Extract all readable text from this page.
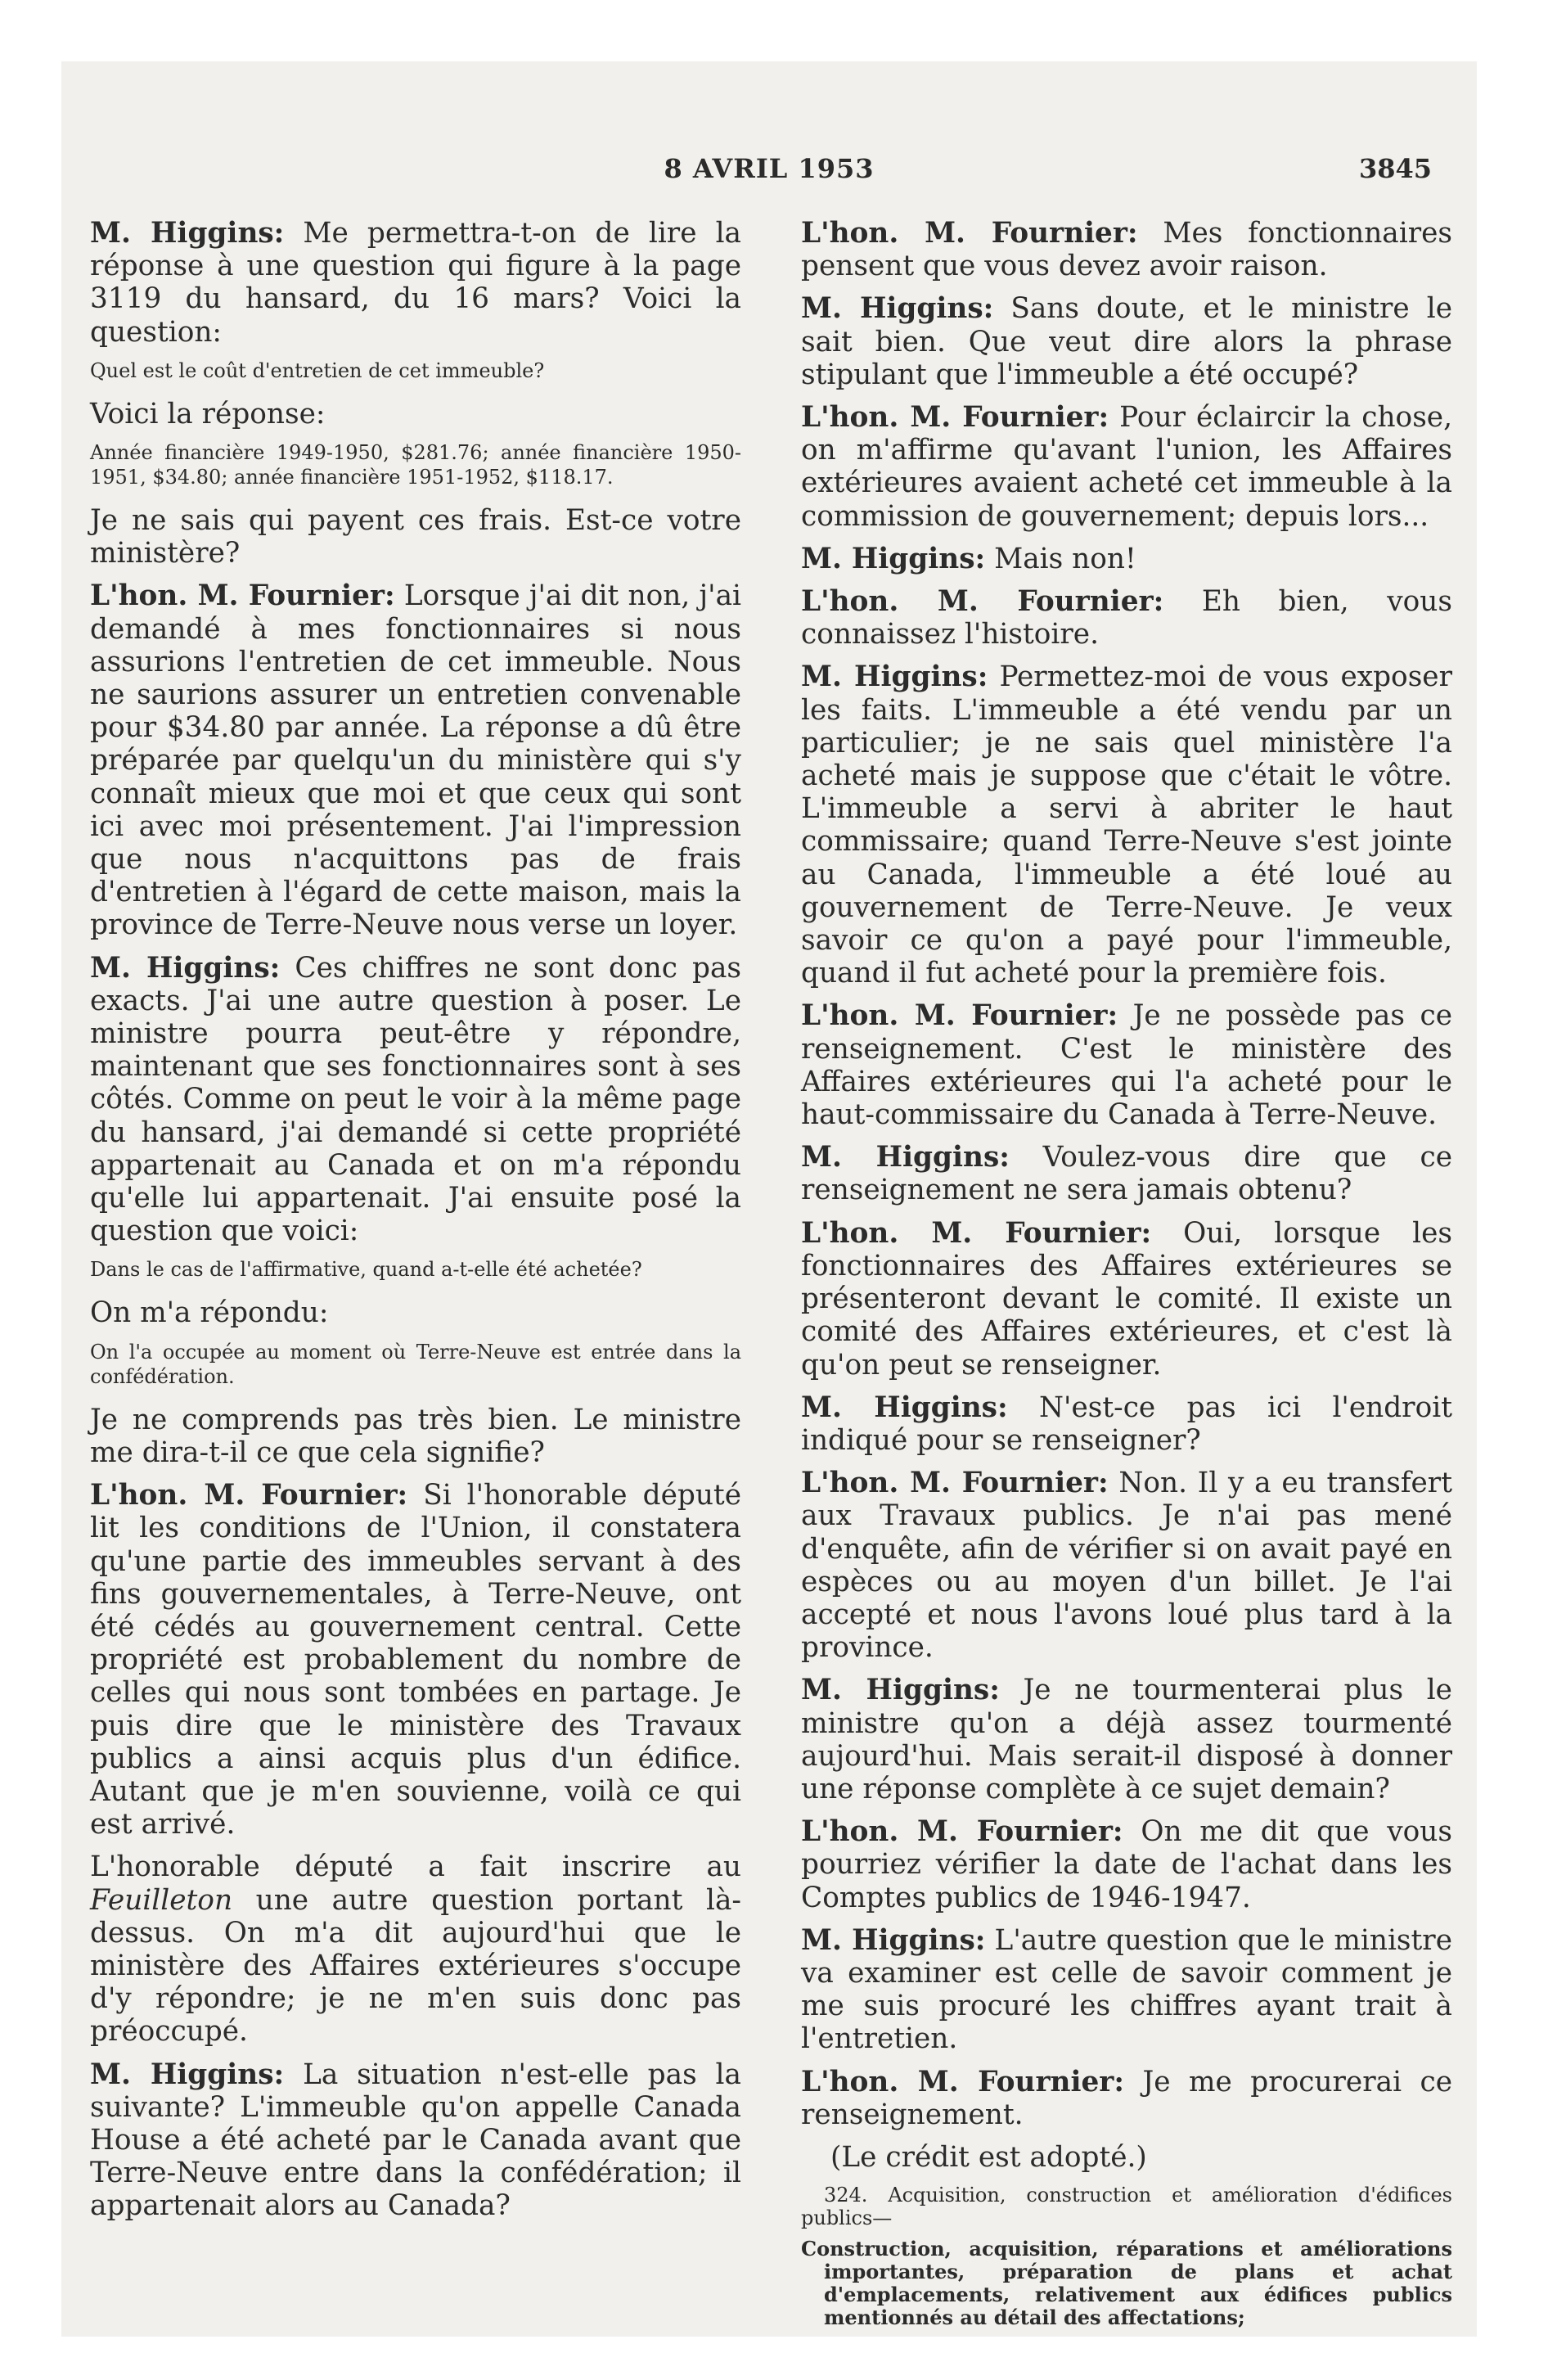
8 AVRIL 1953	3845

M. Higgins: Me permettra-t-on de lire la réponse à une question qui figure à la page 3119 du hansard, du 16 mars? Voici la question:

Quel est le coût d'entretien de cet immeuble?

Voici la réponse:

Année financière 1949-1950, $281.76; année financière 1950-1951, $34.80; année financière 1951-1952, $118.17.

Je ne sais qui payent ces frais. Est-ce votre ministère?

L'hon. M. Fournier: Lorsque j'ai dit non, j'ai demandé à mes fonctionnaires si nous assurions l'entretien de cet immeuble. Nous ne saurions assurer un entretien convenable pour $34.80 par année. La réponse a dû être préparée par quelqu'un du ministère qui s'y connaît mieux que moi et que ceux qui sont ici avec moi présentement. J'ai l'impression que nous n'acquittons pas de frais d'entretien à l'égard de cette maison, mais la province de Terre-Neuve nous verse un loyer.

M. Higgins: Ces chiffres ne sont donc pas exacts. J'ai une autre question à poser. Le ministre pourra peut-être y répondre, maintenant que ses fonctionnaires sont à ses côtés. Comme on peut le voir à la même page du hansard, j'ai demandé si cette propriété appartenait au Canada et on m'a répondu qu'elle lui appartenait. J'ai ensuite posé la question que voici:

Dans le cas de l'affirmative, quand a-t-elle été achetée?

On m'a répondu:

On l'a occupée au moment où Terre-Neuve est entrée dans la confédération.

Je ne comprends pas très bien. Le ministre me dira-t-il ce que cela signifie?

L'hon. M. Fournier: Si l'honorable député lit les conditions de l'Union, il constatera qu'une partie des immeubles servant à des fins gouvernementales, à Terre-Neuve, ont été cédés au gouvernement central. Cette propriété est probablement du nombre de celles qui nous sont tombées en partage. Je puis dire que le ministère des Travaux publics a ainsi acquis plus d'un édifice. Autant que je m'en souvienne, voilà ce qui est arrivé.

L'honorable député a fait inscrire au Feuilleton une autre question portant là-dessus. On m'a dit aujourd'hui que le ministère des Affaires extérieures s'occupe d'y répondre; je ne m'en suis donc pas préoccupé.

M. Higgins: La situation n'est-elle pas la suivante? L'immeuble qu'on appelle Canada House a été acheté par le Canada avant que Terre-Neuve entre dans la confédération; il appartenait alors au Canada?

L'hon. M. Fournier: Mes fonctionnaires pensent que vous devez avoir raison.

M. Higgins: Sans doute, et le ministre le sait bien. Que veut dire alors la phrase stipulant que l'immeuble a été occupé?

L'hon. M. Fournier: Pour éclaircir la chose, on m'affirme qu'avant l'union, les Affaires extérieures avaient acheté cet immeuble à la commission de gouvernement; depuis lors...

M. Higgins: Mais non!

L'hon. M. Fournier: Eh bien, vous connaissez l'histoire.

M. Higgins: Permettez-moi de vous exposer les faits. L'immeuble a été vendu par un particulier; je ne sais quel ministère l'a acheté mais je suppose que c'était le vôtre. L'immeuble a servi à abriter le haut commissaire; quand Terre-Neuve s'est jointe au Canada, l'immeuble a été loué au gouvernement de Terre-Neuve. Je veux savoir ce qu'on a payé pour l'immeuble, quand il fut acheté pour la première fois.

L'hon. M. Fournier: Je ne possède pas ce renseignement. C'est le ministère des Affaires extérieures qui l'a acheté pour le haut-commissaire du Canada à Terre-Neuve.

M. Higgins: Voulez-vous dire que ce renseignement ne sera jamais obtenu?

L'hon. M. Fournier: Oui, lorsque les fonctionnaires des Affaires extérieures se présenteront devant le comité. Il existe un comité des Affaires extérieures, et c'est là qu'on peut se renseigner.

M. Higgins: N'est-ce pas ici l'endroit indiqué pour se renseigner?

L'hon. M. Fournier: Non. Il y a eu transfert aux Travaux publics. Je n'ai pas mené d'enquête, afin de vérifier si on avait payé en espèces ou au moyen d'un billet. Je l'ai accepté et nous l'avons loué plus tard à la province.

M. Higgins: Je ne tourmenterai plus le ministre qu'on a déjà assez tourmenté aujourd'hui. Mais serait-il disposé à donner une réponse complète à ce sujet demain?

L'hon. M. Fournier: On me dit que vous pourriez vérifier la date de l'achat dans les Comptes publics de 1946-1947.

M. Higgins: L'autre question que le ministre va examiner est celle de savoir comment je me suis procuré les chiffres ayant trait à l'entretien.

L'hon. M. Fournier: Je me procurerai ce renseignement.

(Le crédit est adopté.)

324. Acquisition, construction et amélioration d'édifices publics—

Construction, acquisition, réparations et améliorations importantes, préparation de plans et achat d'emplacements, relativement aux édifices publics mentionnés au détail des affectations;
